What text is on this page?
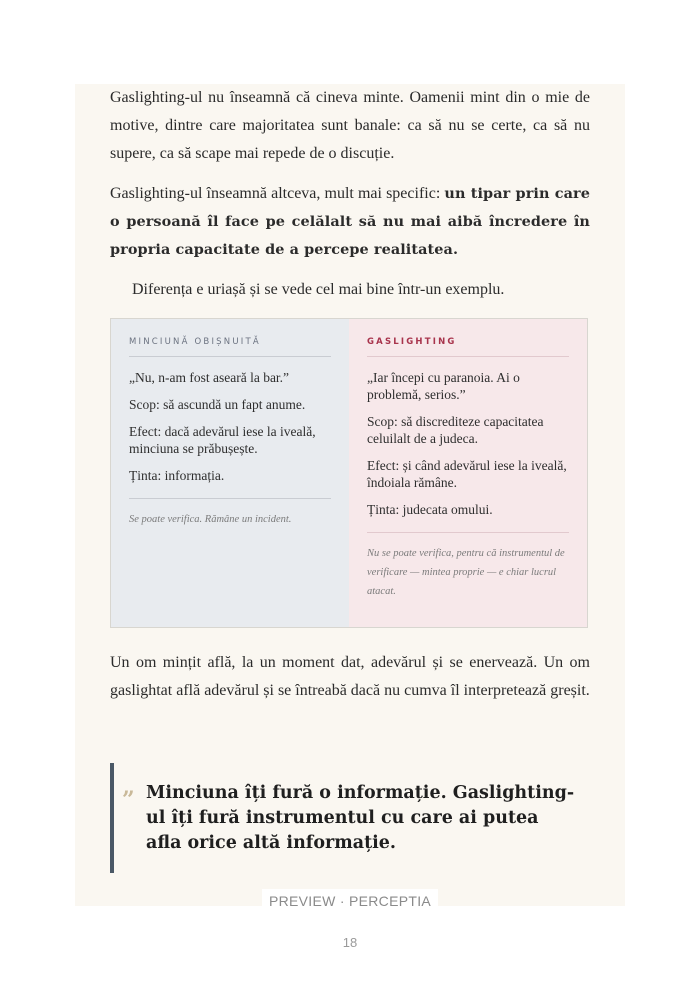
Gaslighting-ul nu înseamnă că cineva minte. Oamenii mint din o mie de motive, dintre care majoritatea sunt banale: ca să nu se certe, ca să nu supere, ca să scape mai repede de o discuție.

Gaslighting-ul înseamnă altceva, mult mai specific: un tipar prin care o persoană îl face pe celălalt să nu mai aibă încredere în propria capacitate de a percepe realitatea.

Diferența e uriașă și se vede cel mai bine într-un exemplu.

MINCIUNĂ OBIȘNUITĂ

„Nu, n-am fost aseară la bar.”

Scop: să ascundă un fapt anume.

Efect: dacă adevărul iese la iveală, minciuna se prăbușește.

Ținta: informația.

Se poate verifica. Rămâne un incident.
GASLIGHTING

„Iar începi cu paranoia. Ai o problemă, serios.”

Scop: să discrediteze capacitatea celuilalt de a judeca.

Efect: și când adevărul iese la iveală, îndoiala rămâne.

Ținta: judecata omului.

Nu se poate verifica, pentru că instrumentul de verificare — mintea proprie — e chiar lucrul atacat.

Un om mințit află, la un moment dat, adevărul și se enervează. Un om gaslightat află adevărul și se întreabă dacă nu cumva îl interpretează greșit.

” Minciuna îți fură o informație. Gaslighting-ul îți fură instrumentul cu care ai putea afla orice altă informație.
PREVIEW · PERCEPTIA
18
